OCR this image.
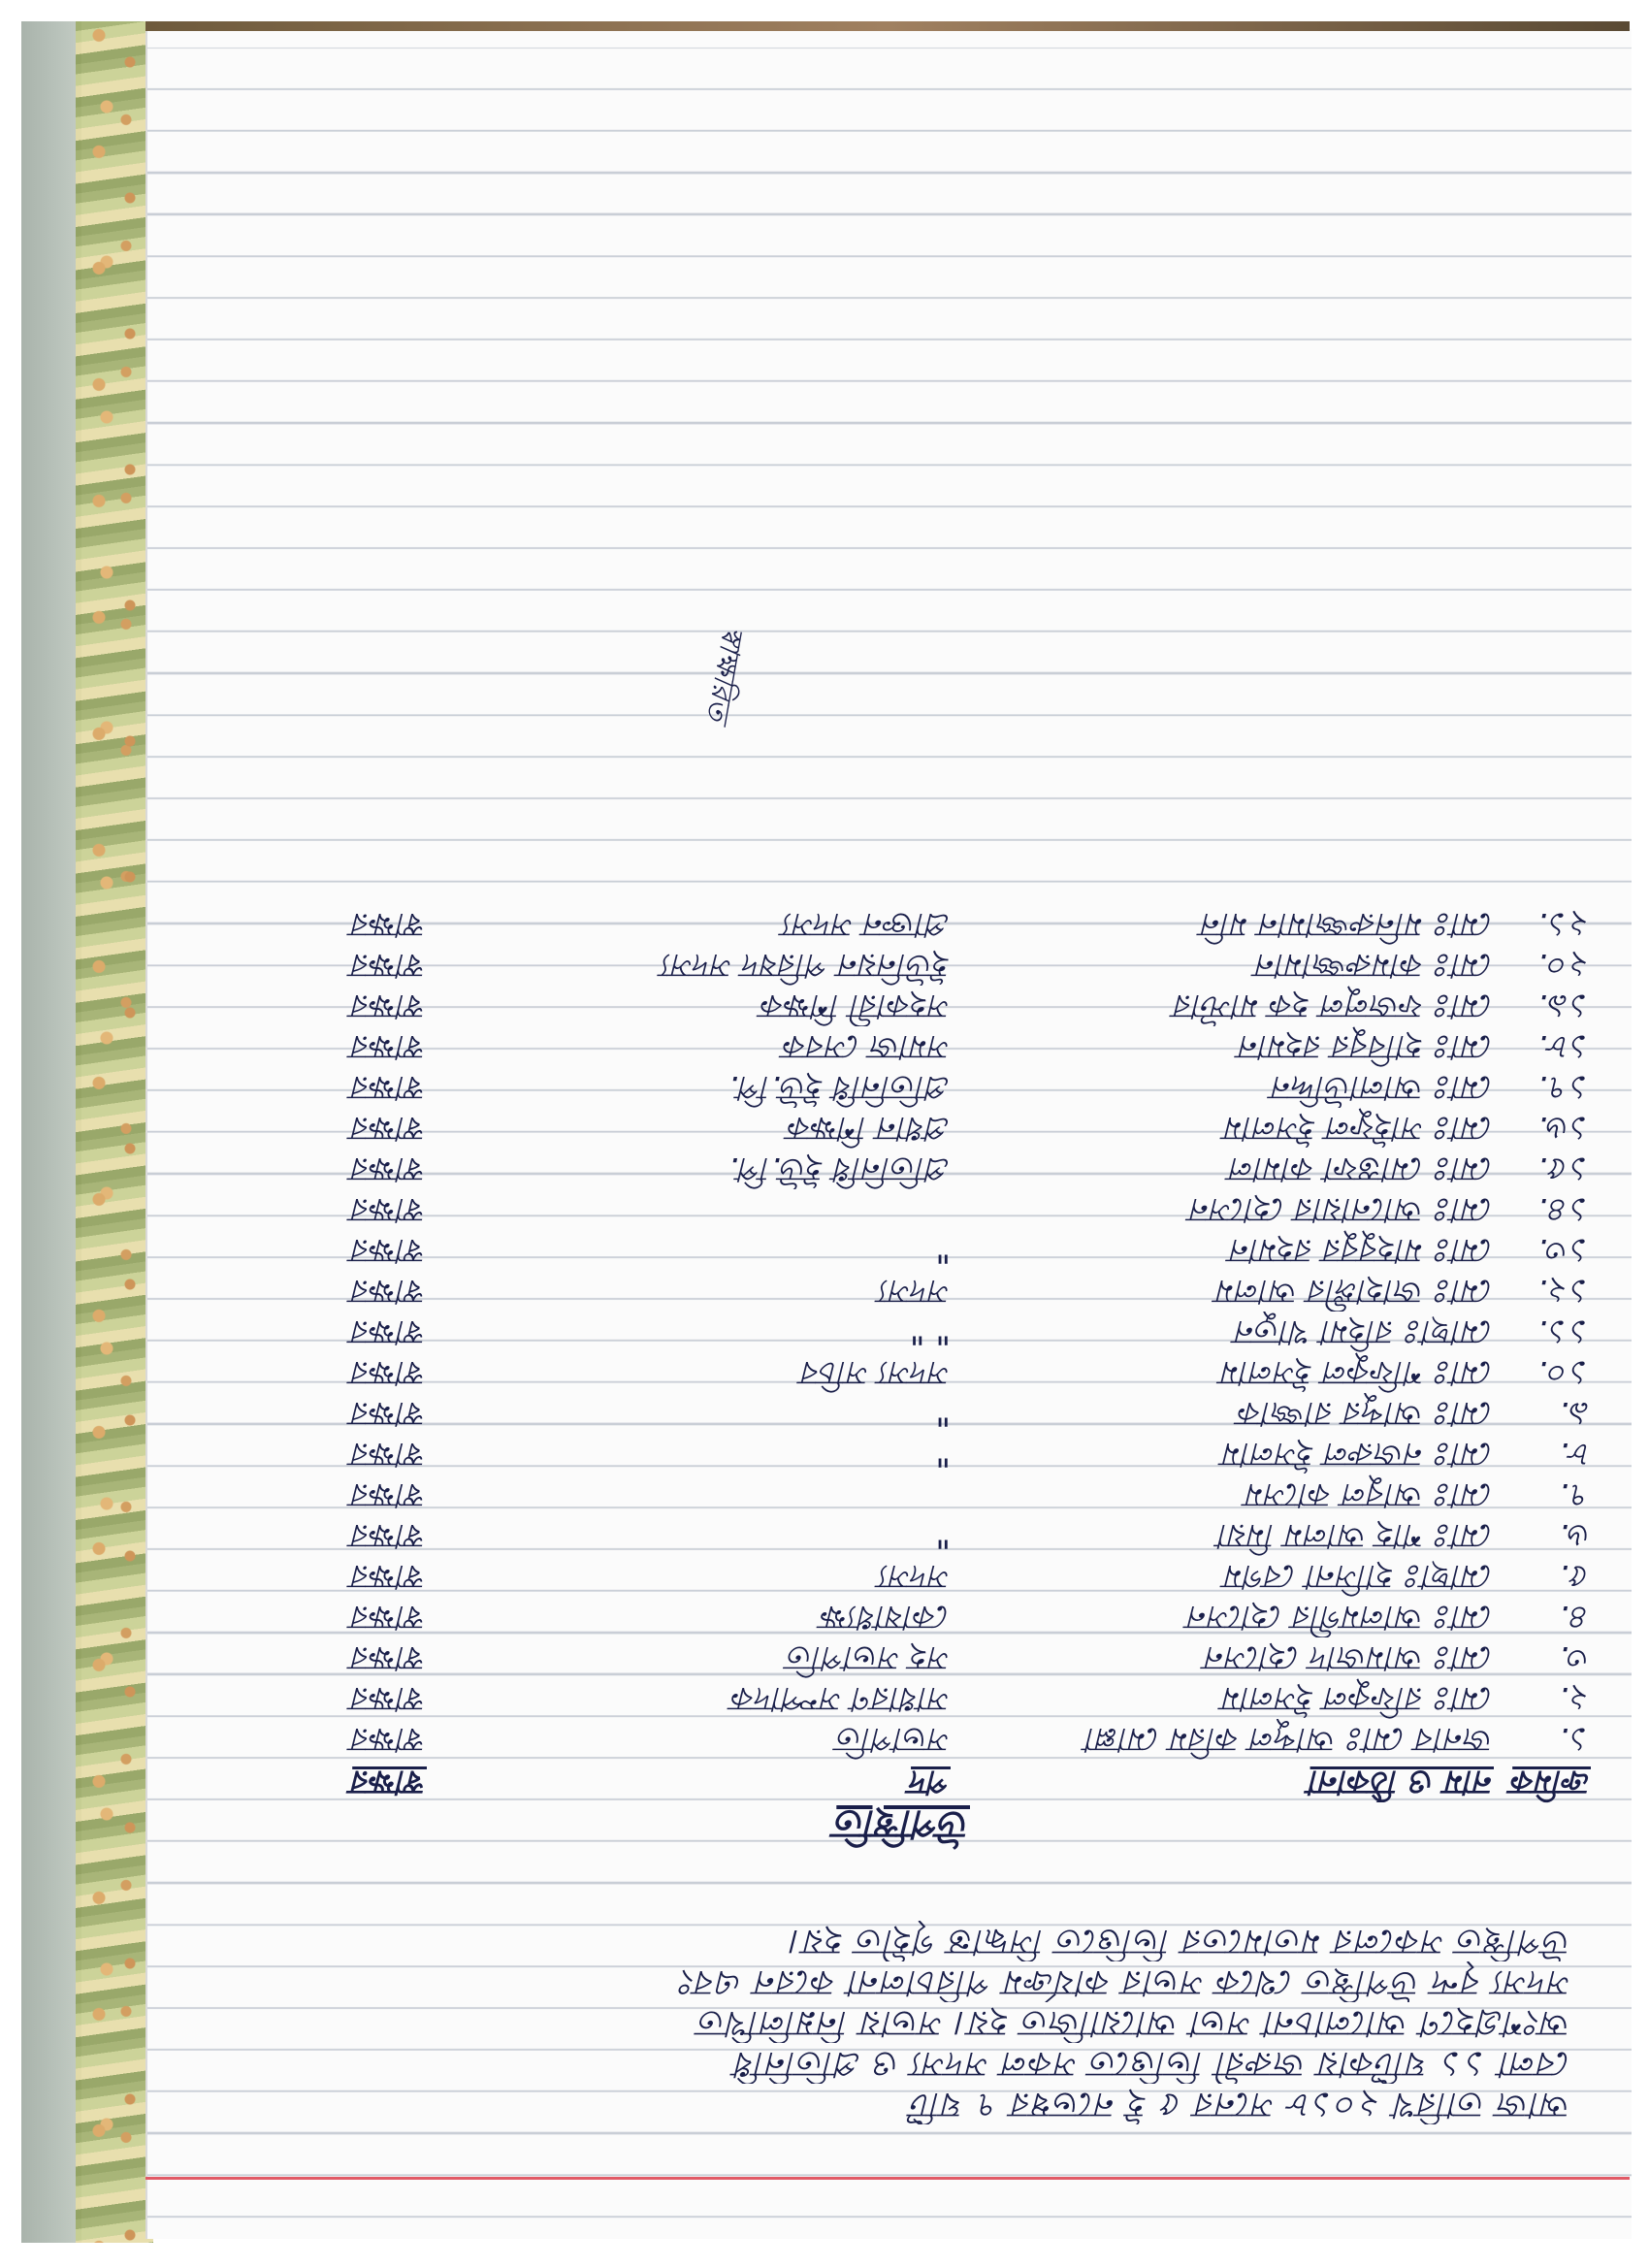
আজ তারিখ ২০১৮ সনের ৫ ই নভেম্বর ৭ ঘটি
বেলা ১১ ঘটিকায় জরুরী ভিত্তিতে সকল সদস্য ও প্রতিনিধি
অংশগ্রহণে আলোচনা সভা আয়োজিত হয়। সভায় নিম্নলিখিত
সদস্য বৃন্দ উপস্থিত থেকে সভার কার্যক্রম পরিচালনা করেন এবং
উপস্থিত সকলের মতামতের ভিত্তিতে সিদ্ধান্ত গৃহীত হয়।
উপস্থিতি
ক্রমিক
নাম ও ঠিকানা
পদ
স্বাক্ষর
১.
জনাব মোঃ আব্দুল করিম মোল্লা
সভাপতি
স্বাক্ষর
২.
মোঃ রফিকুল ইসলাম
সাধারণ সম্পাদক
স্বাক্ষর
৩.
মোঃ আমজাদ হোসেন
সহ সভাপতি
স্বাক্ষর
৪.
মোঃ আলমগীর হোসেন
কোষাধ্যক্ষ
স্বাক্ষর
৫.
মোছাঃ হাসিনা বেগম
সদস্য
স্বাক্ষর
৬.
মোঃ শাহ আলম মিয়া
"
স্বাক্ষর
৭.
মোঃ আবুল কাসেম
স্বাক্ষর
৮.
মোঃ নজরুল ইসলাম
"
স্বাক্ষর
৯.
মোঃ আব্দুর রাজ্জাক
"
স্বাক্ষর
১০.
মোঃ শফিকুল ইসলাম
সদস্য সচিব
স্বাক্ষর
১১.
মোছাঃ রহিমা খাতুন
" "
স্বাক্ষর
১২.
মোঃ জাহাঙ্গীর আলম
সদস্য
স্বাক্ষর
১৩.
মোঃ মাহবুবুর রহমান
"
স্বাক্ষর
১৪.
মোঃ আনোয়ার হোসেন
স্বাক্ষর
১৫.
মোঃ মোস্তফা কামাল
প্রতিনিধি ইউ.পি.
স্বাক্ষর
১৬.
মোঃ সাইফুল ইসলাম
প্রধান শিক্ষক
স্বাক্ষর
১৭.
মোঃ আলাউদ্দিন
প্রতিনিধি ইউ.পি.
স্বাক্ষর
১৮.
মোঃ হাবিবুর রহমান
সমাজ সেবক
স্বাক্ষর
১৯.
মোঃ ফজলুল হক মাস্টার
সহকারী শিক্ষক
স্বাক্ষর
২০.
মোঃ কামরুজ্জামান
ইউনিয়ন পরিষদ সদস্য
স্বাক্ষর
২১.
মোঃ মনিরুজ্জামান মনি
প্রাক্তন সদস্য
স্বাক্ষর
স্বাক্ষরিত
